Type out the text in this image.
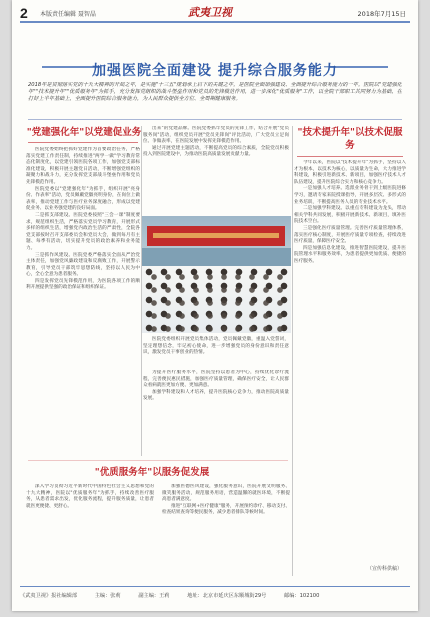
2 本版责任编辑 聂智晶	武夷卫视	2018年7月15日
加强医院全面建设 提升综合服务能力
2018年是贯彻落实党的十九大精神的开局之年，是实施"十三五"规划承上启下的关键之年，是医院全面加强建设、全面提升综合服务能力的一年。医院以"党建强化年""技术提升年""优质服务年"为抓手，充分发挥党组织的战斗堡垒作用和党员的先锋模范作用，进一步深化"优质服务"工作，以全院干部职工共同努力为基础，在打好上半年基础上，全面提升医院综合服务能力，为人民群众提供全方位、全周期健康服务。
"党建强化年"以党建促业务

医院党委始终把抓好党建作为首要政治任务，严格落实党建工作责任制，持续推进"两学一做"学习教育常态化制度化，以党建引领医院各项工作，加强党支部标准化建设，积极开展主题党日活动，不断增强党组织的凝聚力和战斗力，充分发挥党支部战斗堡垒作用和党员先锋模范作用。

医院党委以"党建强化年"为抓手，组织开展"亮身份、作表率"活动，党员佩戴党徽亮明身份，在岗位上做表率，推动党建工作与医疗业务深度融合，形成以党建促业务、以业务强党建的良好局面。

二是抓支部建设。医院党委按照"三会一课"制度要求，规范组织生活，严格落实党员学习教育，开展形式多样的组织生活，增强党内政治生活的严肃性，全院各党支部按时召开支部委员会和党员大会，做到每月有主题、每季有活动，切实提升党员的政治素养和业务能力。

三是抓作风建设。医院党委严格落实全面从严治党主体责任，加强党风廉政建设和反腐败工作，开展警示教育，引导党员干部筑牢思想防线，坚持以人民为中心，全心全意为患者服务。

四是发挥党员先锋模范作用，为医院各项工作的顺利开展提供坚强的政治保证和组织保证。

出来"的党建品牌。医院党委抓牢党员的先锋工作，结合开展"党员服务岗"活动，组织党员开展"党员先锋岗"评比活动，广大党员立足岗位、争做表率，在医院发展中发挥先锋模范作用。

通过开展党建主题活动，不断提高党员的综合素质，全院党员积极投入到医院建设中，为推动医院高质量发展贡献力量。

医院党委组织开展党员集体活动，党员佩戴党徽，重温入党誓词，坚定理想信念，牢记初心使命，进一步增强党员的身份意识和责任意识，激发党员干事创业的热情。

为提升医疗服务水平，医院坚持以患者为中心，持续优化诊疗流程，完善便民惠民措施，加强医疗质量管理，确保医疗安全，让人民群众看病就医更加方便、更加满意。

加强学科建设和人才培养，提升医院核心竞争力，推动医院高质量发展。

"技术提升年"以技术促服务

今年以来，医院以"技术提升年"为抓手，坚持以人才为根本，以技术为核心，以质量为生命，大力推进学科建设，积极引进新技术、新项目，加强医疗技术人才队伍建设，提升医院综合实力和核心竞争力。

一是加强人才培养。选派业务骨干到上级医院进修学习，邀请专家来院授课指导，开展多层次、多形式的业务培训，不断提高医务人员的专业技术水平。

二是加强学科建设。以重点专科建设为龙头，带动相关学科共同发展，积极开展新技术、新项目，填补医院技术空白。

三是强化医疗质量管理。完善医疗质量管理体系，落实医疗核心制度，开展医疗质量专项检查，持续改进医疗质量，保障医疗安全。

四是加强信息化建设，推进智慧医院建设，提升医院管理水平和服务效率，为患者提供更加优质、便捷的医疗服务。

（宣传科供稿）
"优质服务年"以服务促发展

深入学习贯彻习近平新时代中国特色社会主义思想和党的十九大精神，医院以"优质服务年"为抓手，持续改善医疗服务，从患者需求出发，优化服务流程，提升服务质量，让患者就医更便捷、更舒心。

加强医德医风建设，强化服务意识，医院开展文明服务、微笑服务活动，规范服务用语，营造温馨的就医环境，不断提高患者满意度。

推进"互联网+医疗健康"服务，开展预约诊疗、移动支付、检查结果查询等便民服务，减少患者排队等候时间。

《武夷卫视》报社编辑部	主编：张莉	副主编：王莉	地址：北京市延庆区东顺城街29号	邮编：102100
